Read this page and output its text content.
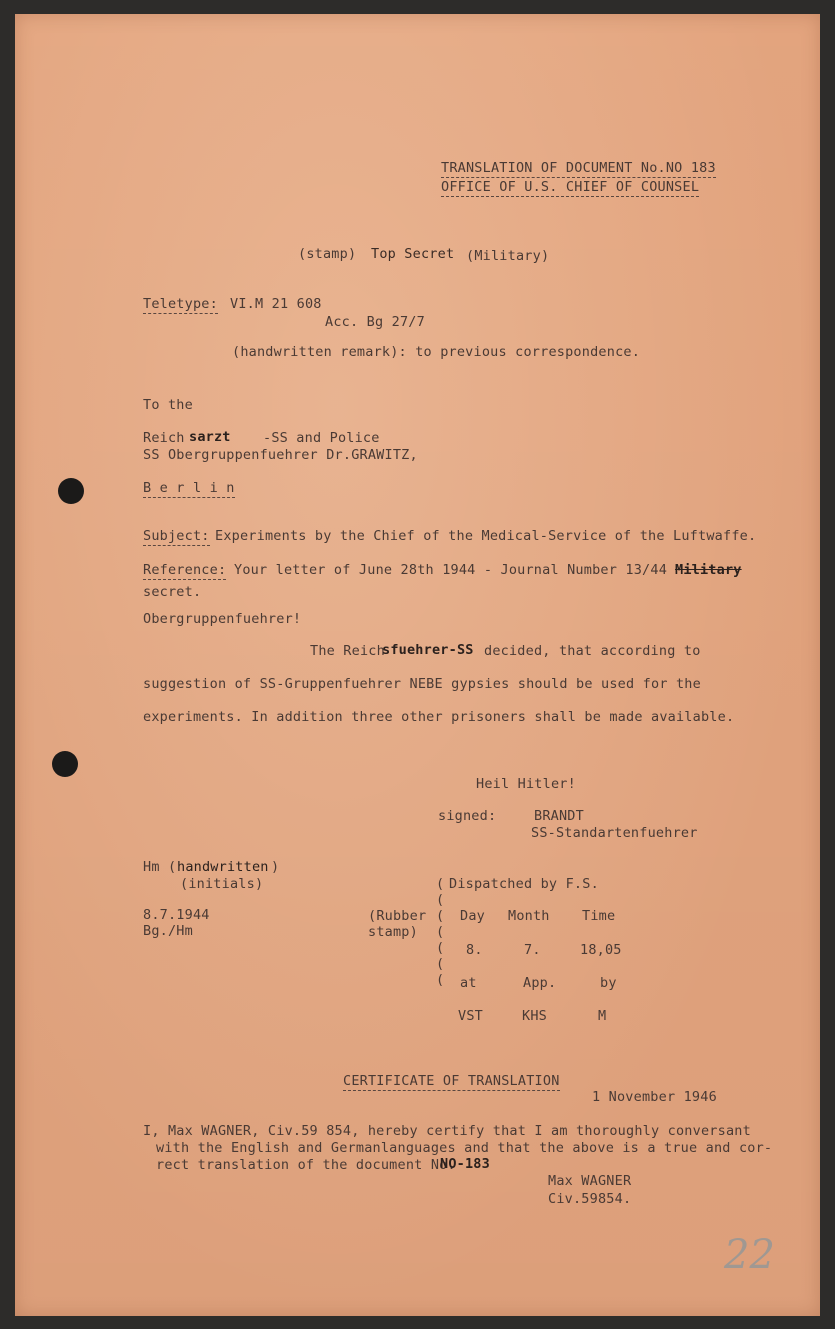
TRANSLATION OF DOCUMENT No.NO 183
OFFICE OF U.S. CHIEF OF COUNSEL
(stamp) Top Secret (Military)
Teletype: VI.M 21 608
Acc. Bg 27/7
(handwritten remark): to previous correspondence.
To the
Reich sarzt -SS and Police
SS Obergruppenfuehrer Dr.GRAWITZ,
B e r l i n
Subject: Experiments by the Chief of the Medical-Service of the Luftwaffe.
Reference: Your letter of June 28th 1944 - Journal Number 13/44 Military
secret.
Obergruppenfuehrer!
The Reich
sfuehrer-SS decided, that according to
suggestion of SS-Gruppenfuehrer NEBE gypsies should be used for the
experiments. In addition three other prisoners shall be made available.
Heil Hitler!
signed:	BRANDT
SS-Standartenfuehrer
Hm ( handwritten )
(initials)
8.7.1944
Bg./Hm
(Rubber
stamp)
(
(
(
(
(
(
(
Dispatched by F.S.
Day Month Time
8.	7.	18,05
at	App.	by
VST	KHS	M
CERTIFICATE OF TRANSLATION
1 November 1946
I, Max WAGNER, Civ.59 854, hereby certify that I am thoroughly conversant
with the English and Germanlanguages and that the above is a true and cor-
rect translation of the document No.
NO-183
Max WAGNER
Civ.59854.
22
